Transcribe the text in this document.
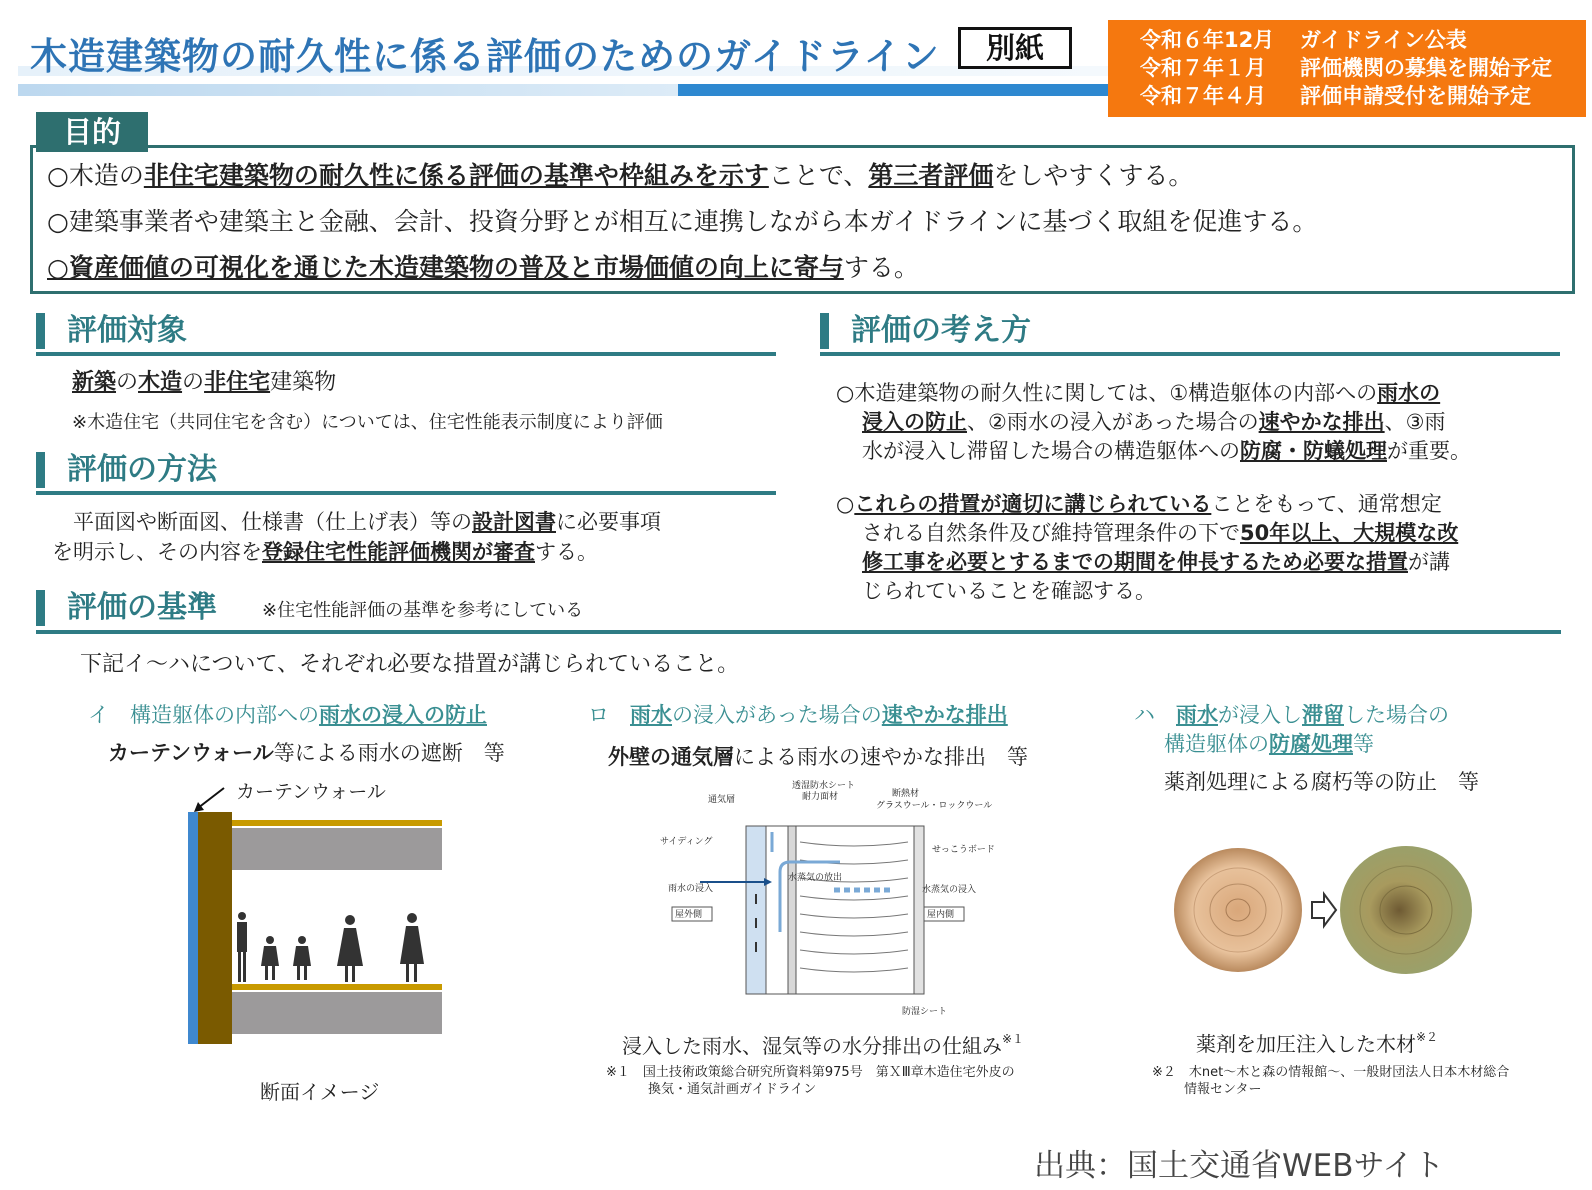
木造建築物の耐久性に係る評価のためのガイドライン	別紙	令和６年12月 ガイドライン公表
令和７年１月 評価機関の募集を開始予定
令和７年４月 評価申請受付を開始予定
○木造の非住宅建築物の耐久性に係る評価の基準や枠組みを示すことで、第三者評価をしやすくする。
○建築事業者や建築主と金融、会計、投資分野とが相互に連携しながら本ガイドラインに基づく取組を促進する。
○資産価値の可視化を通じた木造建築物の普及と市場価値の向上に寄与する。
目的
評価対象
新築の木造の非住宅建築物
※木造住宅（共同住宅を含む）については、住宅性能表示制度により評価
評価の方法
　平面図や断面図、仕様書（仕上げ表）等の設計図書に必要事項
を明示し、その内容を登録住宅性能評価機関が審査する。
評価の基準	※住宅性能評価の基準を参考にしている
下記イ～ハについて、それぞれ必要な措置が講じられていること。
評価の考え方
○木造建築物の耐久性に関しては、①構造躯体の内部への雨水の
浸入の防止、②雨水の浸入があった場合の速やかな排出、③雨
水が浸入し滞留した場合の構造躯体への防腐・防蟻処理が重要。
○これらの措置が適切に講じられていることをもって、通常想定
される自然条件及び維持管理条件の下で50年以上、大規模な改
修工事を必要とするまでの期間を伸長するため必要な措置が講
じられていることを確認する。
イ　構造躯体の内部への雨水の浸入の防止
カーテンウォール等による雨水の遮断　等
カーテンウォール
断面イメージ
ロ　雨水の浸入があった場合の速やかな排出
外壁の通気層による雨水の速やかな排出　等
通気層
透湿防水シート
耐力面材	断熱材
グラスウール・ロックウール
サイディング
せっこうボード
水蒸気の放出
雨水の浸入	水蒸気の浸入
屋外側	屋内側
防湿シート
浸入した雨水、湿気等の水分排出の仕組み$^{※1}$
※１　国土技術政策総合研究所資料第975号　第ＸⅢ章木造住宅外皮の
換気・通気計画ガイドライン
ハ　雨水が浸入し滞留した場合の
構造躯体の防腐処理等
薬剤処理による腐朽等の防止　等
薬剤を加圧注入した木材$^{※2}$
※２　木net～木と森の情報館～、一般財団法人日本木材総合
情報センター
出典：国土交通省WEBサイト
